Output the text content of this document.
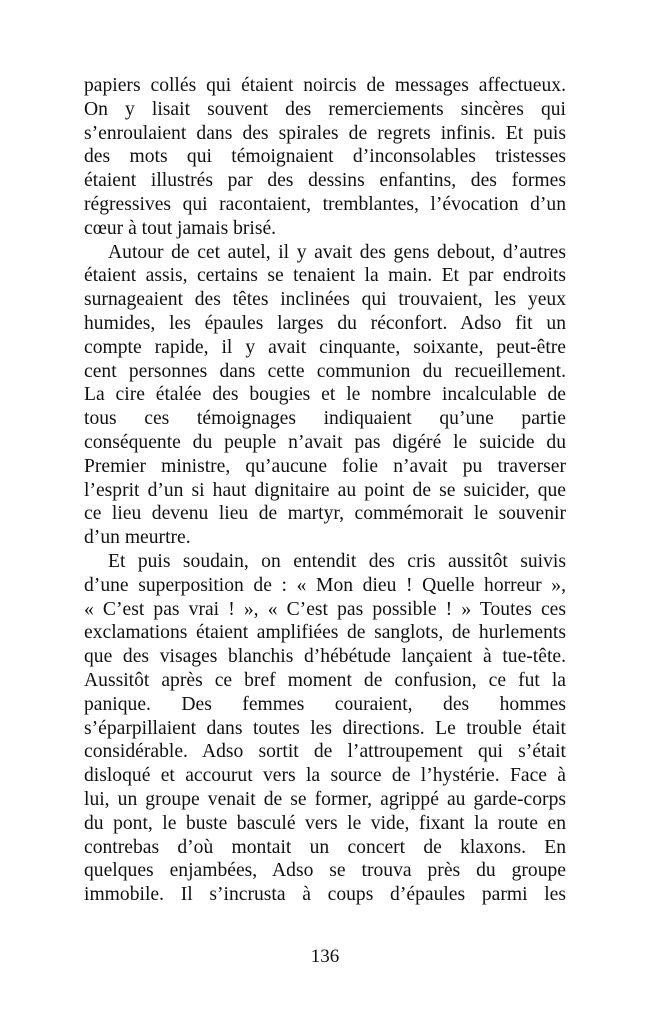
papiers collés qui étaient noircis de messages affectueux.
On y lisait souvent des remerciements sincères qui
s’enroulaient dans des spirales de regrets infinis. Et puis
des mots qui témoignaient d’inconsolables tristesses
étaient illustrés par des dessins enfantins, des formes
régressives qui racontaient, tremblantes, l’évocation d’un
cœur à tout jamais brisé.
Autour de cet autel, il y avait des gens debout, d’autres
étaient assis, certains se tenaient la main. Et par endroits
surnageaient des têtes inclinées qui trouvaient, les yeux
humides, les épaules larges du réconfort. Adso fit un
compte rapide, il y avait cinquante, soixante, peut-être
cent personnes dans cette communion du recueillement.
La cire étalée des bougies et le nombre incalculable de
tous ces témoignages indiquaient qu’une partie
conséquente du peuple n’avait pas digéré le suicide du
Premier ministre, qu’aucune folie n’avait pu traverser
l’esprit d’un si haut dignitaire au point de se suicider, que
ce lieu devenu lieu de martyr, commémorait le souvenir
d’un meurtre.
Et puis soudain, on entendit des cris aussitôt suivis
d’une superposition de : « Mon dieu ! Quelle horreur »,
« C’est pas vrai ! », « C’est pas possible ! » Toutes ces
exclamations étaient amplifiées de sanglots, de hurlements
que des visages blanchis d’hébétude lançaient à tue-tête.
Aussitôt après ce bref moment de confusion, ce fut la
panique. Des femmes couraient, des hommes
s’éparpillaient dans toutes les directions. Le trouble était
considérable. Adso sortit de l’attroupement qui s’était
disloqué et accourut vers la source de l’hystérie. Face à
lui, un groupe venait de se former, agrippé au garde-corps
du pont, le buste basculé vers le vide, fixant la route en
contrebas d’où montait un concert de klaxons. En
quelques enjambées, Adso se trouva près du groupe
immobile. Il s’incrusta à coups d’épaules parmi les
136
